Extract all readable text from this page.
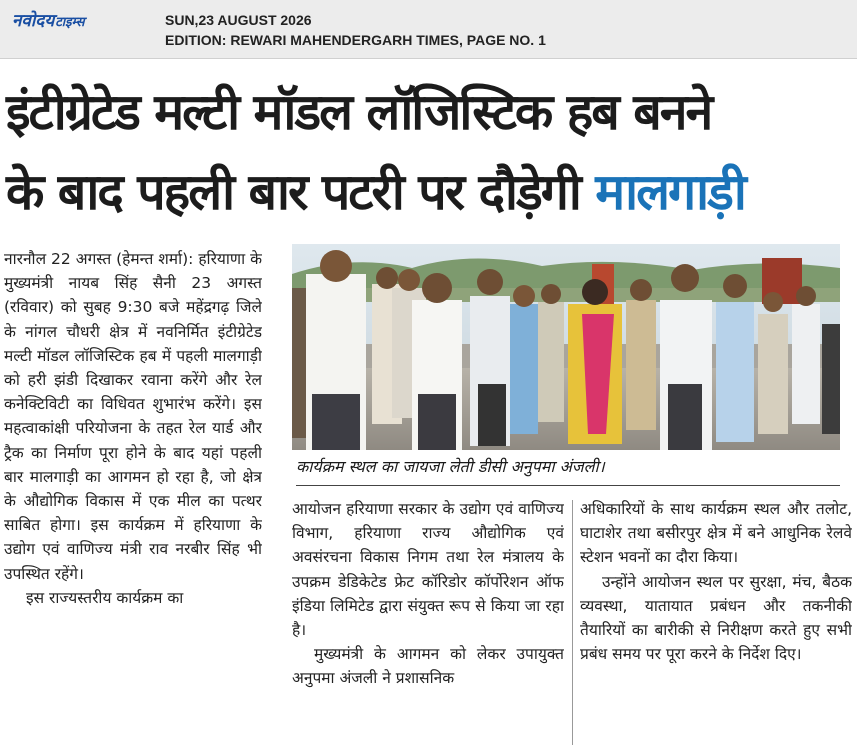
नवोदयटाइम्स	SUN,23 AUGUST 2026
EDITION: REWARI MAHENDERGARH TIMES, PAGE NO. 1
इंटीग्रेटेड मल्टी मॉडल लॉजिस्टिक हब बनने
के बाद पहली बार पटरी पर दौड़ेगी मालगाड़ी

नारनौल 22 अगस्त (हेमन्त शर्मा): हरियाणा के मुख्यमंत्री नायब सिंह सैनी 23 अगस्त (रविवार) को सुबह 9:30 बजे महेंद्रगढ़ जिले के नांगल चौधरी क्षेत्र में नवनिर्मित इंटीग्रेटेड मल्टी मॉडल लॉजिस्टिक हब में पहली मालगाड़ी को हरी झंडी दिखाकर रवाना करेंगे और रेल कनेक्टिविटी का विधिवत शुभारंभ करेंगे। इस महत्वाकांक्षी परियोजना के तहत रेल यार्ड और ट्रैक का निर्माण पूरा होने के बाद यहां पहली बार मालगाड़ी का आगमन हो रहा है, जो क्षेत्र के औद्योगिक विकास में एक मील का पत्थर साबित होगा। इस कार्यक्रम में हरियाणा के उद्योग एवं वाणिज्य मंत्री राव नरबीर सिंह भी उपस्थित रहेंगे।

इस राज्यस्तरीय कार्यक्रम का

कार्यक्रम स्थल का जायजा लेती डीसी अनुपमा अंजली।

आयोजन हरियाणा सरकार के उद्योग एवं वाणिज्य विभाग, हरियाणा राज्य औद्योगिक एवं अवसंरचना विकास निगम तथा रेल मंत्रालय के उपक्रम डेडिकेटेड फ्रेट कॉरिडोर कॉर्पोरेशन ऑफ इंडिया लिमिटेड द्वारा संयुक्त रूप से किया जा रहा है।

मुख्यमंत्री के आगमन को लेकर उपायुक्त अनुपमा अंजली ने प्रशासनिक

अधिकारियों के साथ कार्यक्रम स्थल और तलोट, घाटाशेर तथा बसीरपुर क्षेत्र में बने आधुनिक रेलवे स्टेशन भवनों का दौरा किया।

उन्होंने आयोजन स्थल पर सुरक्षा, मंच, बैठक व्यवस्था, यातायात प्रबंधन और तकनीकी तैयारियों का बारीकी से निरीक्षण करते हुए सभी प्रबंध समय पर पूरा करने के निर्देश दिए।
